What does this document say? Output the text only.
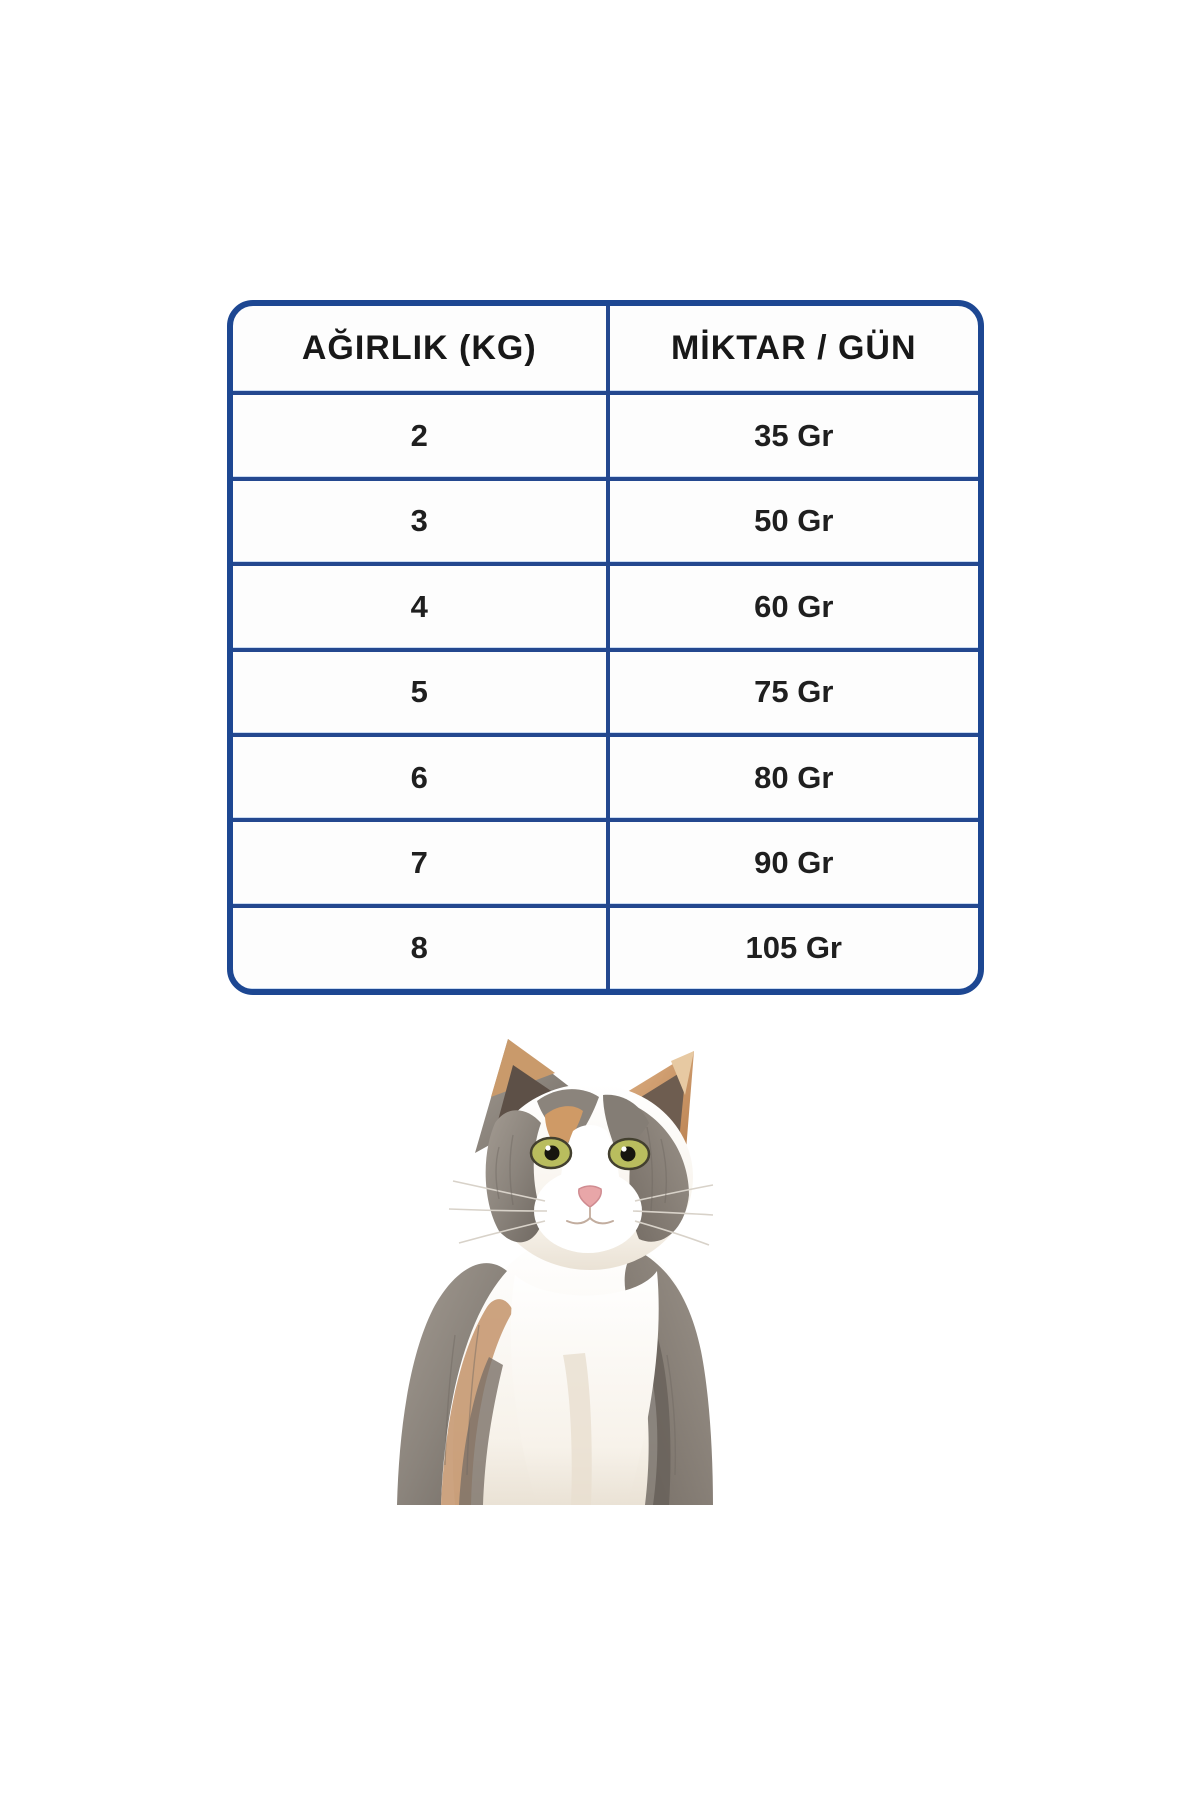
AĞIRLIK (KG)	MİKTAR / GÜN
2	35 Gr
3	50 Gr
4	60 Gr
5	75 Gr
6	80 Gr
7	90 Gr
8	105 Gr
